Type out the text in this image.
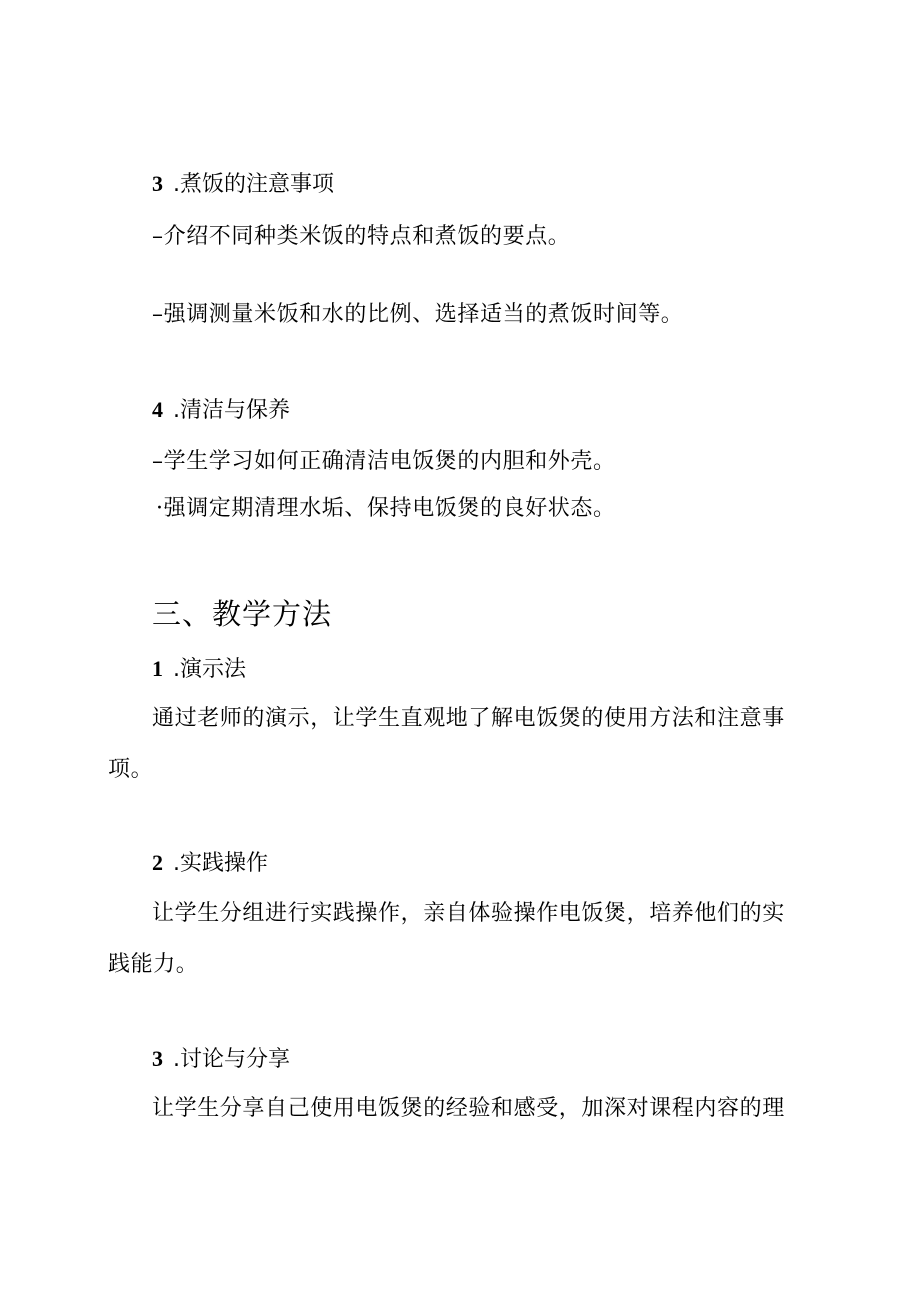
3 .煮饭的注意事项
–介绍不同种类米饭的特点和煮饭的要点。
–强调测量米饭和水的比例、选择适当的煮饭时间等。
4 .清洁与保养
–学生学习如何正确清洁电饭煲的内胆和外壳。
·强调定期清理水垢、保持电饭煲的良好状态。
三、教学方法
1 .演示法
通过老师的演示，让学生直观地了解电饭煲的使用方法和注意事
项。
2 .实践操作
让学生分组进行实践操作，亲自体验操作电饭煲，培养他们的实
践能力。
3 .讨论与分享
让学生分享自己使用电饭煲的经验和感受，加深对课程内容的理
